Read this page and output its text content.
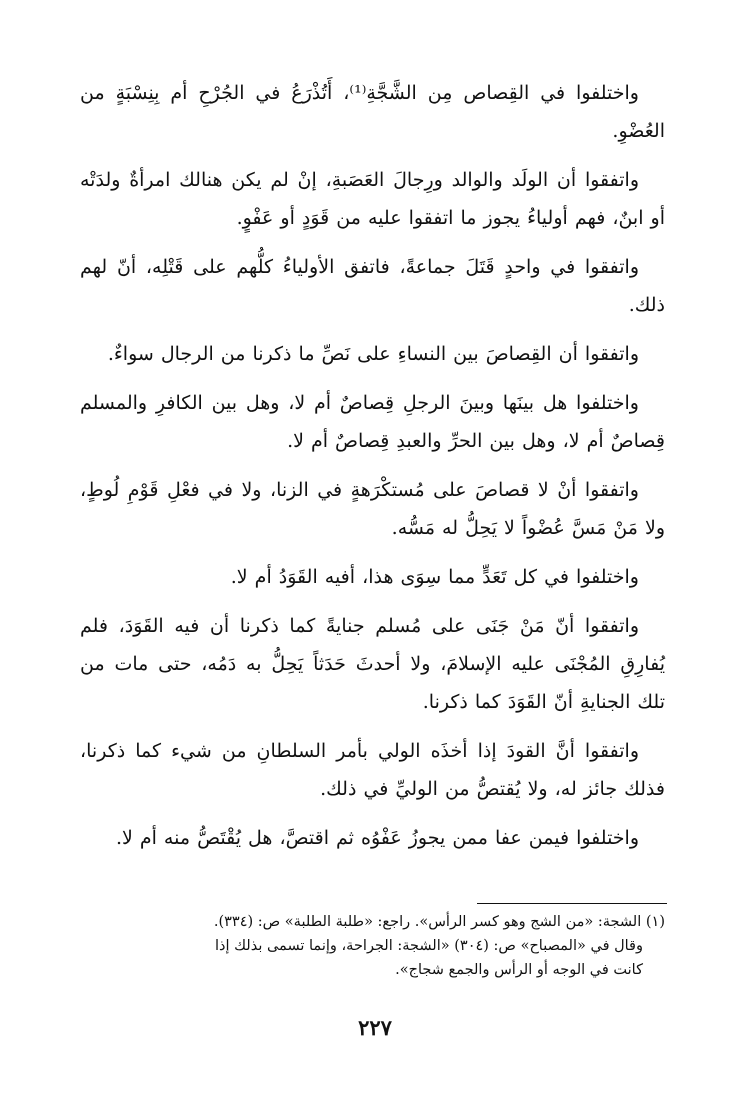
واختلفوا في القِصاص مِن الشَّجَّةِ⁽¹⁾، أَتُذْرَعُ في الجُرْحِ أم بِنِسْبَةٍ من العُضْوِ.

واتفقوا أن الولَد والوالد ورِجالَ العَصَبةِ، إنْ لم يكن هنالك امرأةٌ ولدَتْه أو ابنٌ، فهم أولياءُ يجوز ما اتفقوا عليه من قَوَدٍ أو عَفْوٍ.

واتفقوا في واحدٍ قَتَلَ جماعةً، فاتفق الأولياءُ كلُّهم على قَتْلِه، أنّ لهم ذلك.

واتفقوا أن القِصاصَ بين النساءِ على نَصِّ ما ذكرنا من الرجال سواءٌ.

واختلفوا هل بينَها وبينَ الرجلِ قِصاصٌ أم لا، وهل بين الكافرِ والمسلم قِصاصٌ أم لا، وهل بين الحرِّ والعبدِ قِصاصٌ أم لا.

واتفقوا أنْ لا قصاصَ على مُستكْرَهةٍ في الزنا، ولا في فعْلِ قَوْمِ لُوطٍ، ولا مَنْ مَسَّ عُضْواً لا يَحِلُّ له مَسُّه.

واختلفوا في كل تَعَدٍّ مما سِوَى هذا، أفيه القَوَدُ أم لا.

واتفقوا أنّ مَنْ جَنَى على مُسلم جنايةً كما ذكرنا أن فيه القَوَدَ، فلم يُفارِقِ المُجْنَى عليه الإسلامَ، ولا أحدثَ حَدَثاً يَحِلُّ به دَمُه، حتى مات من تلك الجنايةِ أنّ القَوَدَ كما ذكرنا.

واتفقوا أنَّ القودَ إذا أخذَه الولي بأمر السلطانِ من شيء كما ذكرنا، فذلك جائز له، ولا يُقتصُّ من الوليِّ في ذلك.

واختلفوا فيمن عفا ممن يجوزُ عَفْوُه ثم اقتصَّ، هل يُقْتَصُّ منه أم لا.

(١) الشجة: «من الشج وهو كسر الرأس». راجع: «طلبة الطلبة» ص: (٣٣٤).

وقال في «المصباح» ص: (٣٠٤) «الشجة: الجراحة، وإنما تسمى بذلك إذا

كانت في الوجه أو الرأس والجمع شجاج».

٢٢٧
